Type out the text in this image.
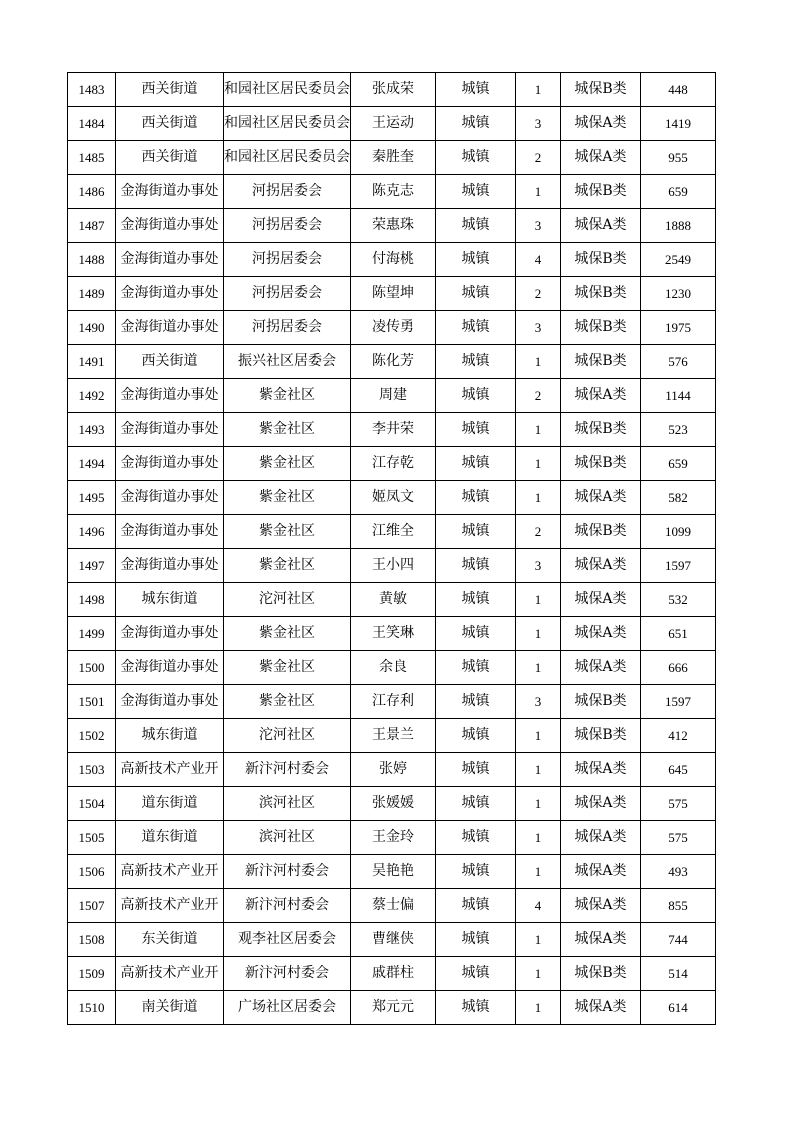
1483	西关街道	和园社区居民委员会	张成荣	城镇	1	城保B类	448
1484	西关街道	和园社区居民委员会	王运动	城镇	3	城保A类	1419
1485	西关街道	和园社区居民委员会	秦胜奎	城镇	2	城保A类	955
1486	金海街道办事处	河拐居委会	陈克志	城镇	1	城保B类	659
1487	金海街道办事处	河拐居委会	荣惠珠	城镇	3	城保A类	1888
1488	金海街道办事处	河拐居委会	付海桃	城镇	4	城保B类	2549
1489	金海街道办事处	河拐居委会	陈望坤	城镇	2	城保B类	1230
1490	金海街道办事处	河拐居委会	凌传勇	城镇	3	城保B类	1975
1491	西关街道	振兴社区居委会	陈化芳	城镇	1	城保B类	576
1492	金海街道办事处	紫金社区	周建	城镇	2	城保A类	1144
1493	金海街道办事处	紫金社区	李井荣	城镇	1	城保B类	523
1494	金海街道办事处	紫金社区	江存乾	城镇	1	城保B类	659
1495	金海街道办事处	紫金社区	姬凤文	城镇	1	城保A类	582
1496	金海街道办事处	紫金社区	江维全	城镇	2	城保B类	1099
1497	金海街道办事处	紫金社区	王小四	城镇	3	城保A类	1597
1498	城东街道	沱河社区	黄敏	城镇	1	城保A类	532
1499	金海街道办事处	紫金社区	王笑琳	城镇	1	城保A类	651
1500	金海街道办事处	紫金社区	余良	城镇	1	城保A类	666
1501	金海街道办事处	紫金社区	江存利	城镇	3	城保B类	1597
1502	城东街道	沱河社区	王景兰	城镇	1	城保B类	412
1503	高新技术产业开	新汴河村委会	张婷	城镇	1	城保A类	645
1504	道东街道	滨河社区	张媛媛	城镇	1	城保A类	575
1505	道东街道	滨河社区	王金玲	城镇	1	城保A类	575
1506	高新技术产业开	新汴河村委会	吴艳艳	城镇	1	城保A类	493
1507	高新技术产业开	新汴河村委会	蔡士偏	城镇	4	城保A类	855
1508	东关街道	观李社区居委会	曹继侠	城镇	1	城保A类	744
1509	高新技术产业开	新汴河村委会	戚群柱	城镇	1	城保B类	514
1510	南关街道	广场社区居委会	郑元元	城镇	1	城保A类	614
